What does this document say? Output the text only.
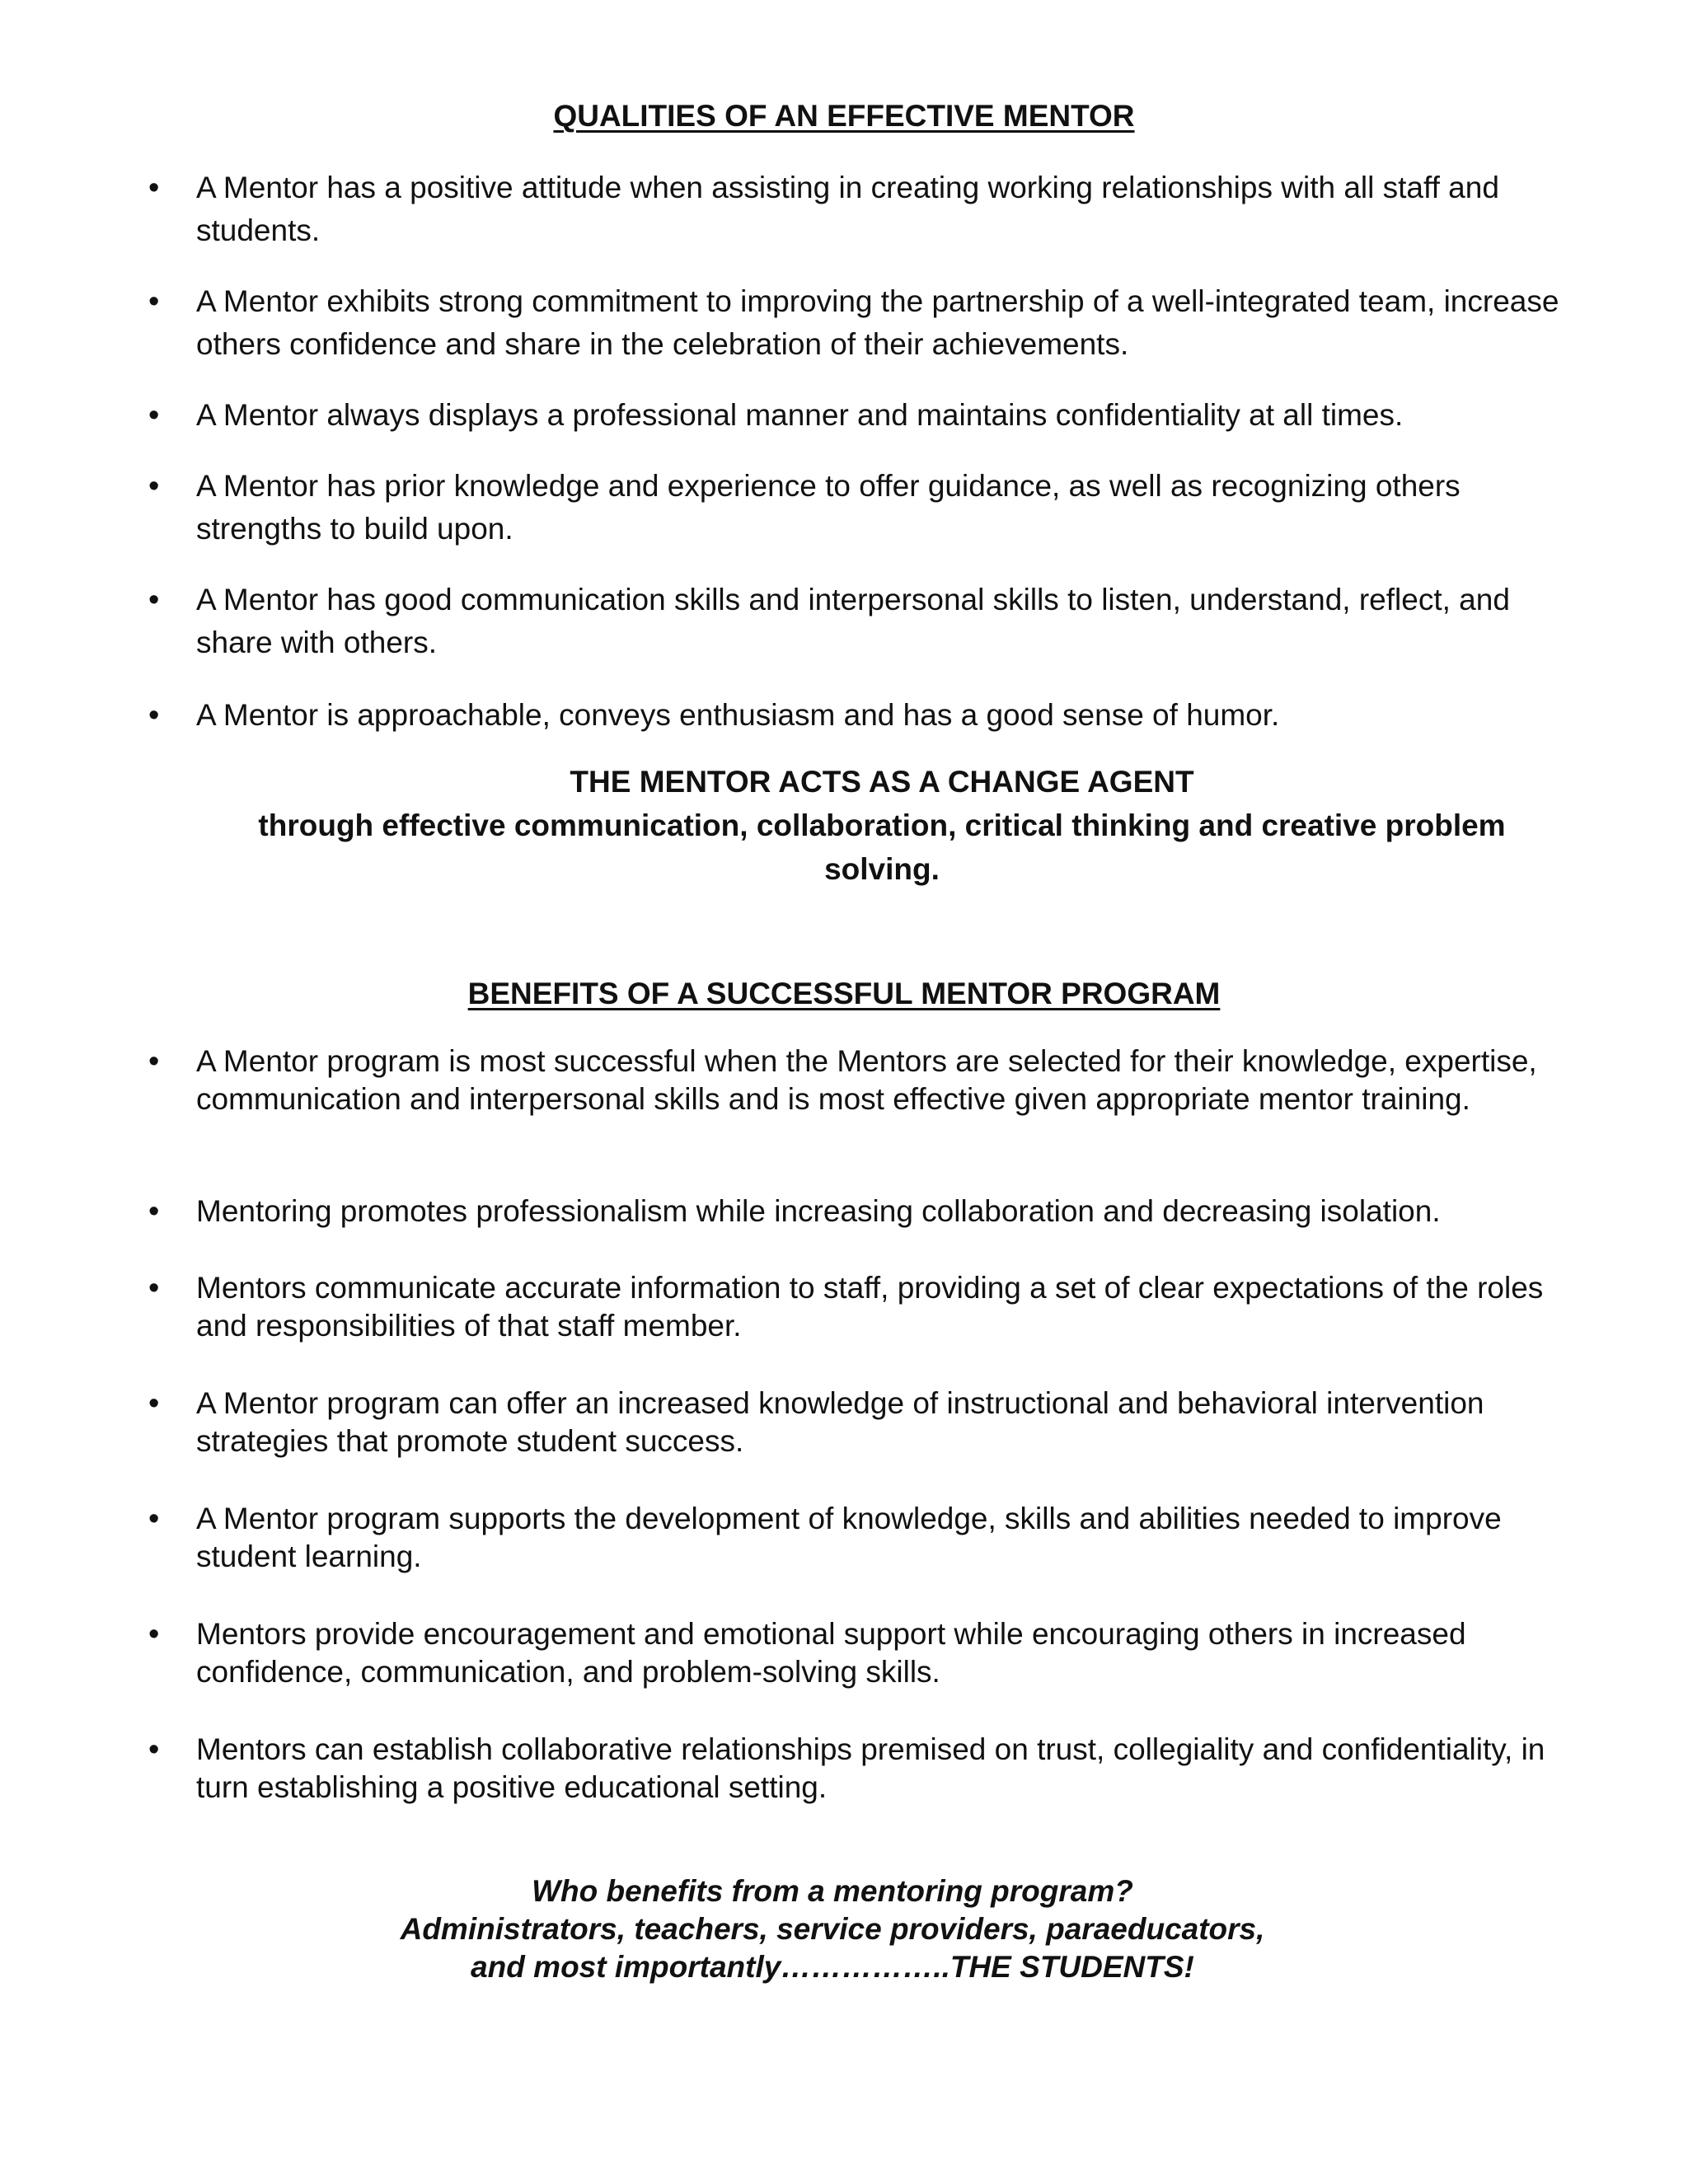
QUALITIES OF AN EFFECTIVE MENTOR
• A Mentor has a positive attitude when assisting in creating working relationships with all staff and students.
• A Mentor exhibits strong commitment to improving the partnership of a well-integrated team, increase others confidence and share in the celebration of their achievements.
• A Mentor always displays a professional manner and maintains confidentiality at all times.
• A Mentor has prior knowledge and experience to offer guidance, as well as recognizing others strengths to build upon.
• A Mentor has good communication skills and interpersonal skills to listen, understand, reflect, and share with others.
• A Mentor is approachable, conveys enthusiasm and has a good sense of humor.
THE MENTOR ACTS AS A CHANGE AGENT
through effective communication, collaboration, critical thinking and creative problem solving.
BENEFITS OF A SUCCESSFUL MENTOR PROGRAM
• A Mentor program is most successful when the Mentors are selected for their knowledge, expertise, communication and interpersonal skills and is most effective given appropriate mentor training.
• Mentoring promotes professionalism while increasing collaboration and decreasing isolation.
• Mentors communicate accurate information to staff, providing a set of clear expectations of the roles and responsibilities of that staff member.
• A Mentor program can offer an increased knowledge of instructional and behavioral intervention strategies that promote student success.
• A Mentor program supports the development of knowledge, skills and abilities needed to improve student learning.
• Mentors provide encouragement and emotional support while encouraging others in increased confidence, communication, and problem-solving skills.
• Mentors can establish collaborative relationships premised on trust, collegiality and confidentiality, in turn establishing a positive educational setting.
Who benefits from a mentoring program?
Administrators, teachers, service providers, paraeducators,
and most importantly……………..THE STUDENTS!
